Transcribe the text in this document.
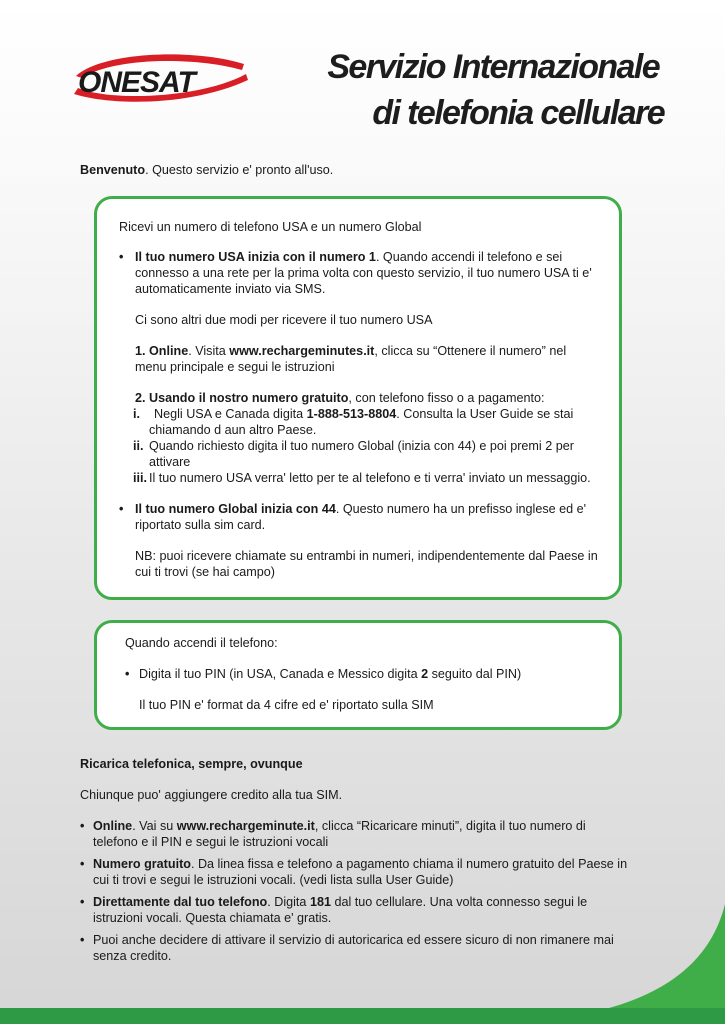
ONESAT	Servizio Internazionale
di telefonia cellulare

Benvenuto. Questo servizio e' pronto all'uso.

Ricevi un numero di telefono USA e un numero Global

• Il tuo numero USA inizia con il numero 1. Quando accendi il telefono e sei connesso a una rete per la prima volta con questo servizio, il tuo numero USA ti e' automaticamente inviato via SMS.

Ci sono altri due modi per ricevere il tuo numero USA

1. Online. Visita www.rechargeminutes.it, clicca su “Ottenere il numero” nel menu principale e segui le istruzioni

2. Usando il nostro numero gratuito, con telefono fisso o a pagamento:

i. Negli USA e Canada digita 1-888-513-8804. Consulta la User Guide se stai chiamando d aun altro Paese.

ii. Quando richiesto digita il tuo numero Global (inizia con 44) e poi premi 2 per attivare

iii. Il tuo numero USA verra' letto per te al telefono e ti verra' inviato un messaggio.

• Il tuo numero Global inizia con 44. Questo numero ha un prefisso inglese ed e' riportato sulla sim card.

NB: puoi ricevere chiamate su entrambi in numeri, indipendentemente dal Paese in cui ti trovi (se hai campo)

Quando accendi il telefono:

• Digita il tuo PIN (in USA, Canada e Messico digita 2 seguito dal PIN)

Il tuo PIN e' format da 4 cifre ed e' riportato sulla SIM

Ricarica telefonica, sempre, ovunque

Chiunque puo' aggiungere credito alla tua SIM.

• Online. Vai su www.rechargeminute.it, clicca “Ricaricare minuti”, digita il tuo numero di telefono e il PIN e segui le istruzioni vocali
• Numero gratuito. Da linea fissa e telefono a pagamento chiama il numero gratuito del Paese in cui ti trovi e segui le istruzioni vocali. (vedi lista sulla User Guide)
• Direttamente dal tuo telefono. Digita 181 dal tuo cellulare. Una volta connesso segui le istruzioni vocali. Questa chiamata e' gratis.
• Puoi anche decidere di attivare il servizio di autoricarica ed essere sicuro di non rimanere mai senza credito.
